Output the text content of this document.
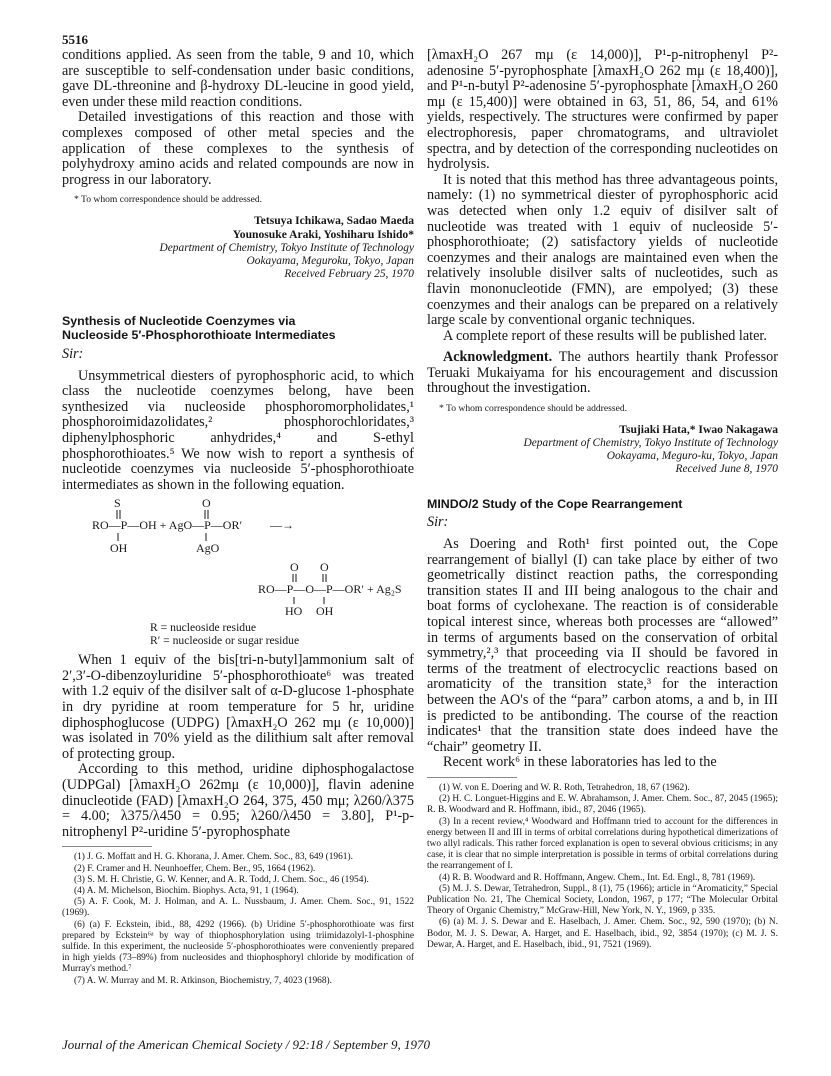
5516

conditions applied. As seen from the table, 9 and 10, which are susceptible to self-condensation under basic conditions, gave DL-threonine and β-hydroxy DL-leucine in good yield, even under these mild reaction conditions.

Detailed investigations of this reaction and those with complexes composed of other metal species and the application of these complexes to the synthesis of polyhydroxy amino acids and related compounds are now in progress in our laboratory.

* To whom correspondence should be addressed.

Tetsuya Ichikawa, Sadao Maeda

Younosuke Araki, Yoshiharu Ishido*

Department of Chemistry, Tokyo Institute of Technology

Ookayama, Meguroku, Tokyo, Japan

Received February 25, 1970

Synthesis of Nucleotide Coenzymes via

Nucleoside 5′-Phosphorothioate Intermediates

Sir:

Unsymmetrical diesters of pyrophosphoric acid, to which class the nucleotide coenzymes belong, have been synthesized via nucleoside phosphoromorpholidates,¹ phosphoroimidazolidates,² phosphorochloridates,³ diphenylphosphoric anhydrides,⁴ and S-ethyl phosphorothioates.⁵ We now wish to report a synthesis of nucleotide coenzymes via nucleoside 5′-phosphorothioate intermediates as shown in the following equation.

S	O
RO—P—OH + AgO—P—OR′ —→
OH	AgO
O O
RO—P—O—P—OR′ + Ag₂S
HO OH

R = nucleoside residue

R′ = nucleoside or sugar residue

When 1 equiv of the bis[tri-n-butyl]ammonium salt of 2′,3′-O-dibenzoyluridine 5′-phosphorothioate⁶ was treated with 1.2 equiv of the disilver salt of α-D-glucose 1-phosphate in dry pyridine at room temperature for 5 hr, uridine diphosphoglucose (UDPG) [λmaxH₂O 262 mμ (ε 10,000)] was isolated in 70% yield as the dilithium salt after removal of protecting group.

According to this method, uridine diphosphogalactose (UDPGal) [λmaxH₂O 262mμ (ε 10,000)], flavin adenine dinucleotide (FAD) [λmaxH₂O 264, 375, 450 mμ; λ260/λ375 = 4.00; λ375/λ450 = 0.95; λ260/λ450 = 3.80], P¹-p-nitrophenyl P²-uridine 5′-pyrophosphate

(1) J. G. Moffatt and H. G. Khorana, J. Amer. Chem. Soc., 83, 649 (1961).

(2) F. Cramer and H. Neunhoeffer, Chem. Ber., 95, 1664 (1962).

(3) S. M. H. Christie, G. W. Kenner, and A. R. Todd, J. Chem. Soc., 46 (1954).

(4) A. M. Michelson, Biochim. Biophys. Acta, 91, 1 (1964).

(5) A. F. Cook, M. J. Holman, and A. L. Nussbaum, J. Amer. Chem. Soc., 91, 1522 (1969).

(6) (a) F. Eckstein, ibid., 88, 4292 (1966). (b) Uridine 5′-phosphorothioate was first prepared by Eckstein⁶ᵃ by way of thiophosphorylation using triimidazolyl-1-phosphine sulfide. In this experiment, the nucleoside 5′-phosphorothioates were conveniently prepared in high yields (73–89%) from nucleosides and thiophosphoryl chloride by modification of Murray's method.⁷

(7) A. W. Murray and M. R. Atkinson, Biochemistry, 7, 4023 (1968).

[λmaxH₂O 267 mμ (ε 14,000)], P¹-p-nitrophenyl P²-adenosine 5′-pyrophosphate [λmaxH₂O 262 mμ (ε 18,400)], and P¹-n-butyl P²-adenosine 5′-pyrophosphate [λmaxH₂O 260 mμ (ε 15,400)] were obtained in 63, 51, 86, 54, and 61% yields, respectively. The structures were confirmed by paper electrophoresis, paper chromatograms, and ultraviolet spectra, and by detection of the corresponding nucleotides on hydrolysis.

It is noted that this method has three advantageous points, namely: (1) no symmetrical diester of pyrophosphoric acid was detected when only 1.2 equiv of disilver salt of nucleotide was treated with 1 equiv of nucleoside 5′-phosphorothioate; (2) satisfactory yields of nucleotide coenzymes and their analogs are maintained even when the relatively insoluble disilver salts of nucleotides, such as flavin mononucleotide (FMN), are empolyed; (3) these coenzymes and their analogs can be prepared on a relatively large scale by conventional organic techniques.

A complete report of these results will be published later.

Acknowledgment. The authors heartily thank Professor Teruaki Mukaiyama for his encouragement and discussion throughout the investigation.

* To whom correspondence should be addressed.

Tsujiaki Hata,* Iwao Nakagawa

Department of Chemistry, Tokyo Institute of Technology

Ookayama, Meguro-ku, Tokyo, Japan

Received June 8, 1970

MINDO/2 Study of the Cope Rearrangement

Sir:

As Doering and Roth¹ first pointed out, the Cope rearrangement of biallyl (I) can take place by either of two geometrically distinct reaction paths, the corresponding transition states II and III being analogous to the chair and boat forms of cyclohexane. The reaction is of considerable topical interest since, whereas both processes are “allowed” in terms of arguments based on the conservation of orbital symmetry,²,³ that proceeding via II should be favored in terms of the treatment of electrocyclic reactions based on aromaticity of the transition state,³ for the interaction between the AO's of the “para” carbon atoms, a and b, in III is predicted to be antibonding. The course of the reaction indicates¹ that the transition state does indeed have the “chair” geometry II.

Recent work⁶ in these laboratories has led to the

(1) W. von E. Doering and W. R. Roth, Tetrahedron, 18, 67 (1962).

(2) H. C. Longuet-Higgins and E. W. Abrahamson, J. Amer. Chem. Soc., 87, 2045 (1965); R. B. Woodward and R. Hoffmann, ibid., 87, 2046 (1965).

(3) In a recent review,⁴ Woodward and Hoffmann tried to account for the differences in energy between II and III in terms of orbital correlations during hypothetical dimerizations of two allyl radicals. This rather forced explanation is open to several obvious criticisms; in any case, it is clear that no simple interpretation is possible in terms of orbital correlations during the rearrangement of I.

(4) R. B. Woodward and R. Hoffmann, Angew. Chem., Int. Ed. Engl., 8, 781 (1969).

(5) M. J. S. Dewar, Tetrahedron, Suppl., 8 (1), 75 (1966); article in “Aromaticity,” Special Publication No. 21, The Chemical Society, London, 1967, p 177; “The Molecular Orbital Theory of Organic Chemistry,” McGraw-Hill, New York, N. Y., 1969, p 335.

(6) (a) M. J. S. Dewar and E. Haselbach, J. Amer. Chem. Soc., 92, 590 (1970); (b) N. Bodor, M. J. S. Dewar, A. Harget, and E. Haselbach, ibid., 92, 3854 (1970); (c) M. J. S. Dewar, A. Harget, and E. Haselbach, ibid., 91, 7521 (1969).

Journal of the American Chemical Society / 92:18 / September 9, 1970
